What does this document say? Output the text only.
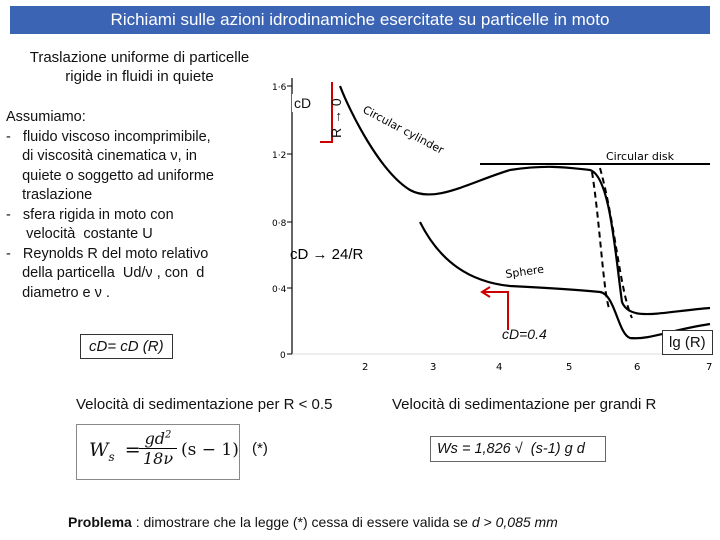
Richiami sulle azioni idrodinamiche esercitate su particelle in moto
Traslazione uniforme di particelle
rigide in fluidi in quiete
Assumiamo:
-   fluido viscoso incomprimibile,
di viscosità cinematica ν, in
quiete o soggetto ad uniforme
traslazione
-   sfera rigida in moto con
velocità  costante U
-   Reynolds R del moto relativo
della particella  Ud/ν , con  d
diametro e ν .
1·6
1·2
0·8
0·4
0
2	3	4	5	6	7
Circular cylinder	Circular disk
Sphere
cD R → 0
cD → 24/R
cD=0.4
cD= cD (R)	lg (R)
Velocità di sedimentazione per R < 0.5	Velocità di sedimentazione per grandi R
$W_s$ =
$gd^2$
18ν (s − 1) (*)	Ws = 1,826 √  (s-1) g d
Problema : dimostrare che la legge (*) cessa di essere valida se d > 0,085 mm
